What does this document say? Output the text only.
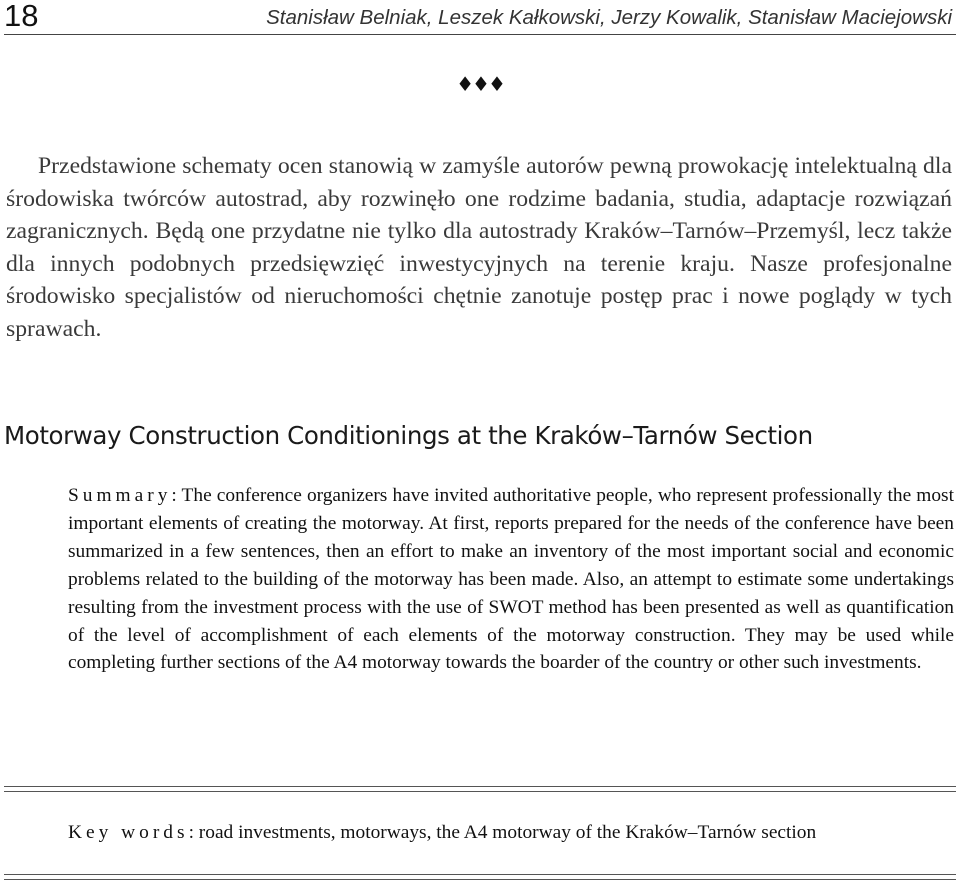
18	Stanisław Belniak, Leszek Kałkowski, Jerzy Kowalik, Stanisław Maciejowski
♦♦♦

Przedstawione schematy ocen stanowią w zamyśle autorów pewną prowokację intelektualną dla środowiska twórców autostrad, aby rozwinęło one rodzime badania, studia, adaptacje rozwiązań zagranicznych. Będą one przydatne nie tylko dla autostrady Kraków–Tarnów–Przemyśl, lecz także dla innych podobnych przedsięwzięć inwestycyjnych na terenie kraju. Nasze profesjonalne środowisko specjalistów od nieruchomości chętnie zanotuje postęp prac i nowe poglądy w tych sprawach.

Motorway Construction Conditionings at the Kraków–Tarnów Section

Summary: The conference organizers have invited authoritative people, who represent professionally the most important elements of creating the motorway. At first, reports prepared for the needs of the conference have been summarized in a few sentences, then an effort to make an inventory of the most important social and economic problems related to the building of the motorway has been made. Also, an attempt to estimate some undertakings resulting from the investment process with the use of SWOT method has been presented as well as quantification of the level of accomplishment of each elements of the motorway construction. They may be used while completing further sections of the A4 motorway towards the boarder of the country or other such investments.

Key words: road investments, motorways, the A4 motorway of the Kraków–Tarnów section
